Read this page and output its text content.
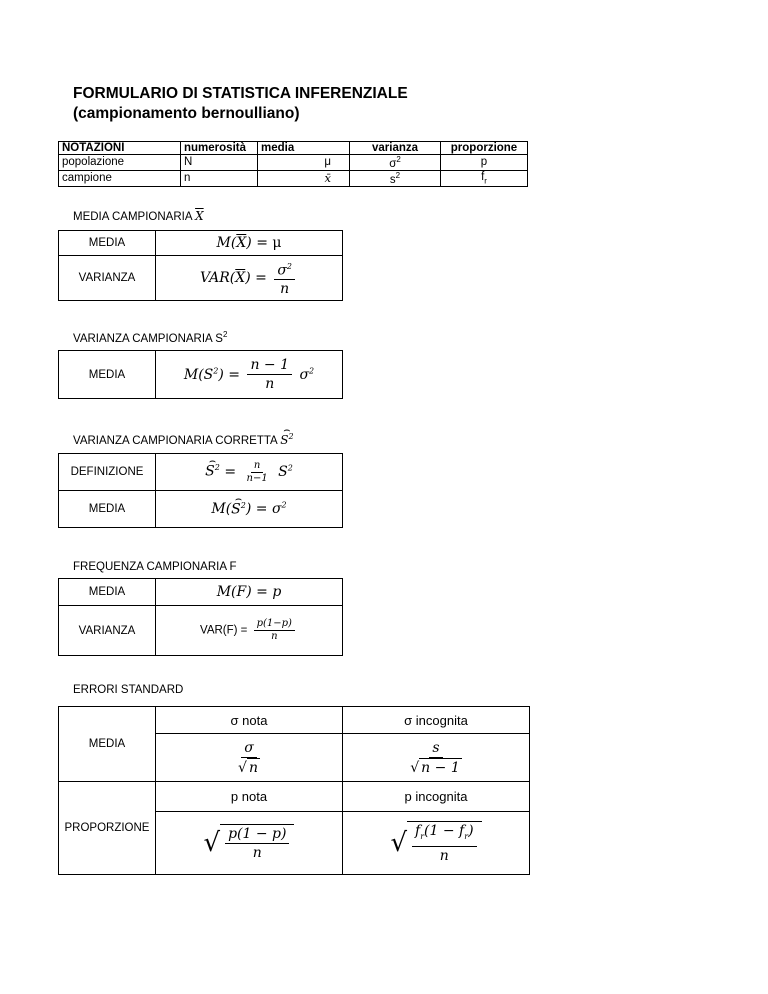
FORMULARIO DI STATISTICA INFERENZIALE
(campionamento bernoulliano)
NOTAZIONI	numerosità	media	varianza	proporzione
popolazione	N	μ	$\sigma^2$	p
campione	n	x̄	$s^2$	$f_r$
MEDIA CAMPIONARIA $\overline{X}$
MEDIA	$M(\overline{X}) = \mu$
VARIANZA	$VAR(\overline{X}) = \frac{\sigma^2}{n}$
VARIANZA CAMPIONARIA $S^2$
MEDIA	$M(S^2) = \frac{n - 1}{n} \sigma^2$
VARIANZA CAMPIONARIA CORRETTA ⌢ $S^2$
DEFINIZIONE	⌢ $S^2 = \frac{n}{n-1} S^2$
MEDIA	M(⌢ $S^2) = \sigma^2$
FREQUENZA CAMPIONARIA F
MEDIA	M(F) = p
VARIANZA	$VAR(F) = \frac{p(1-p)}{n}$
ERRORI STANDARD
MEDIA	σ nota	σ incognita

	$\frac{\sigma}{√ n}$	$\frac{s}{√ n - 1}$

PROPORZIONE	p nota	p incognita
	√ $\frac{p(1 - p)}{n}$	√ $\frac{f_r(1 - f_r)}{n}$
